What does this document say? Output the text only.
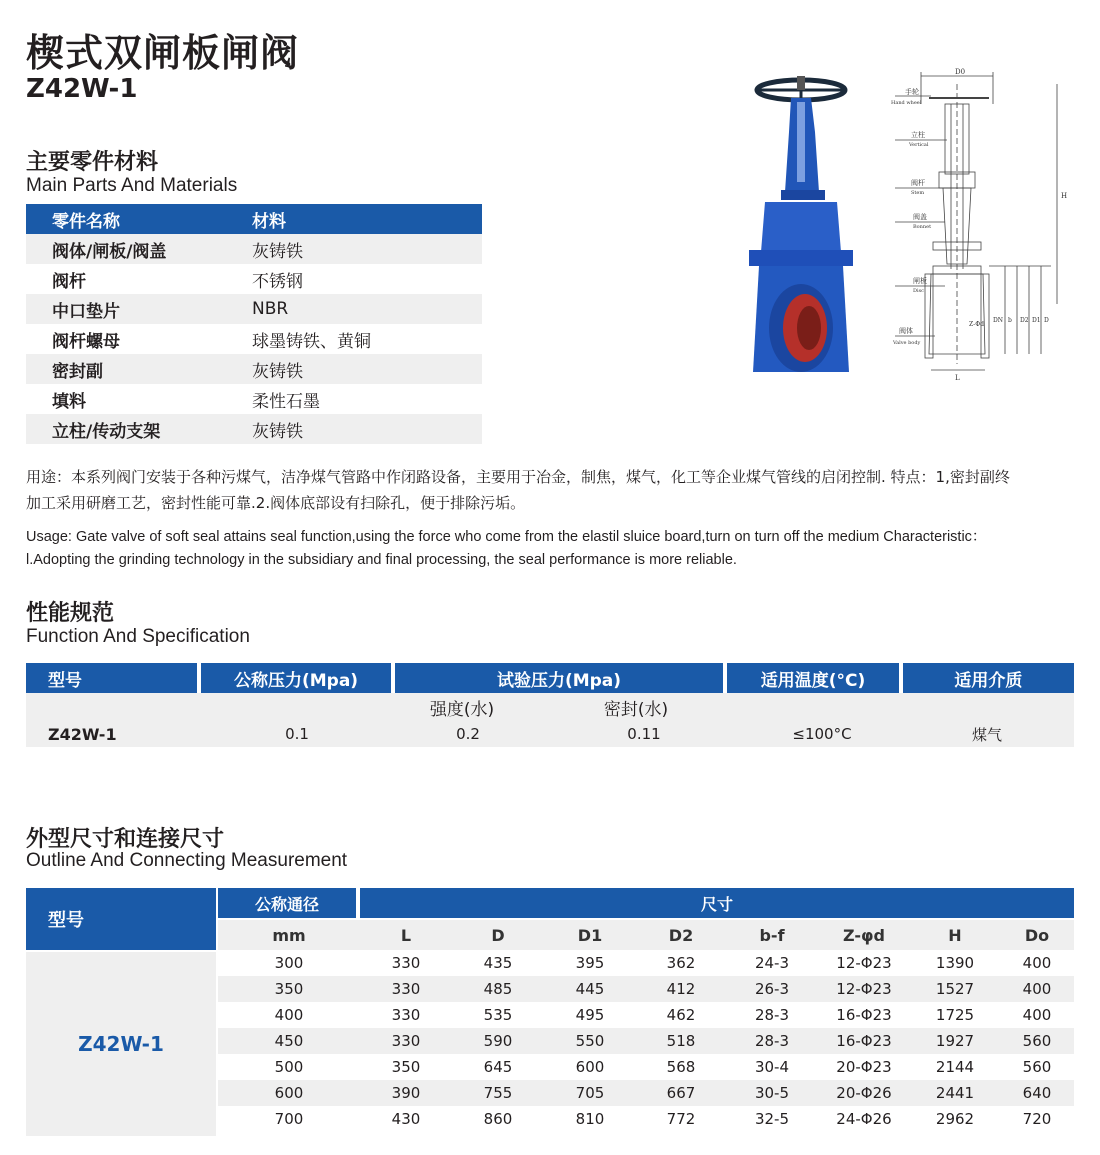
楔式双闸板闸阀
Z42W-1
主要零件材料
Main Parts And Materials
零件名称	材料
阀体/闸板/阀盖	灰铸铁
阀杆	不锈钢
中口垫片	NBR
阀杆螺母	球墨铸铁、黄铜
密封副	灰铸铁
填料	柔性石墨
立柱/传动支架	灰铸铁
D0
H
L
DN b D2 D1 D
Z-Φd
手轮
Hand wheel
立柱
Vertical
阀杆
Stem
阀盖
Bonnet
闸板
Disc
阀体
Valve body
用途：本系列阀门安装于各种污煤气，洁净煤气管路中作闭路设备，主要用于冶金，制焦，煤气，化工等企业煤气管线的启闭控制. 特点：1,密封副终
加工采用研磨工艺，密封性能可靠.2.阀体底部设有扫除孔，便于排除污垢。
Usage: Gate valve of soft seal attains seal function,using the force who come from the elastil sluice board,turn on turn off the medium Characteristic：
l.Adopting the grinding technology in the subsidiary and final processing, the seal performance is more reliable.
性能规范
Function And Specification
型号	公称压力(Mpa)	试验压力(Mpa)	适用温度(°C)	适用介质
强度(水)	密封(水)
Z42W-1	0.1	0.2	0.11	≤100°C	煤气
外型尺寸和连接尺寸
Outline And Connecting Measurement
型号
Z42W-1
公称通径	尺寸
mm	L	D	D1	D2	b-f	Z-φd	H	Do
300	330	435	395	362	24-3	12-Φ23	1390	400
350	330	485	445	412	26-3	12-Φ23	1527	400
400	330	535	495	462	28-3	16-Φ23	1725	400
450	330	590	550	518	28-3	16-Φ23	1927	560
500	350	645	600	568	30-4	20-Φ23	2144	560
600	390	755	705	667	30-5	20-Φ26	2441	640
700	430	860	810	772	32-5	24-Φ26	2962	720
